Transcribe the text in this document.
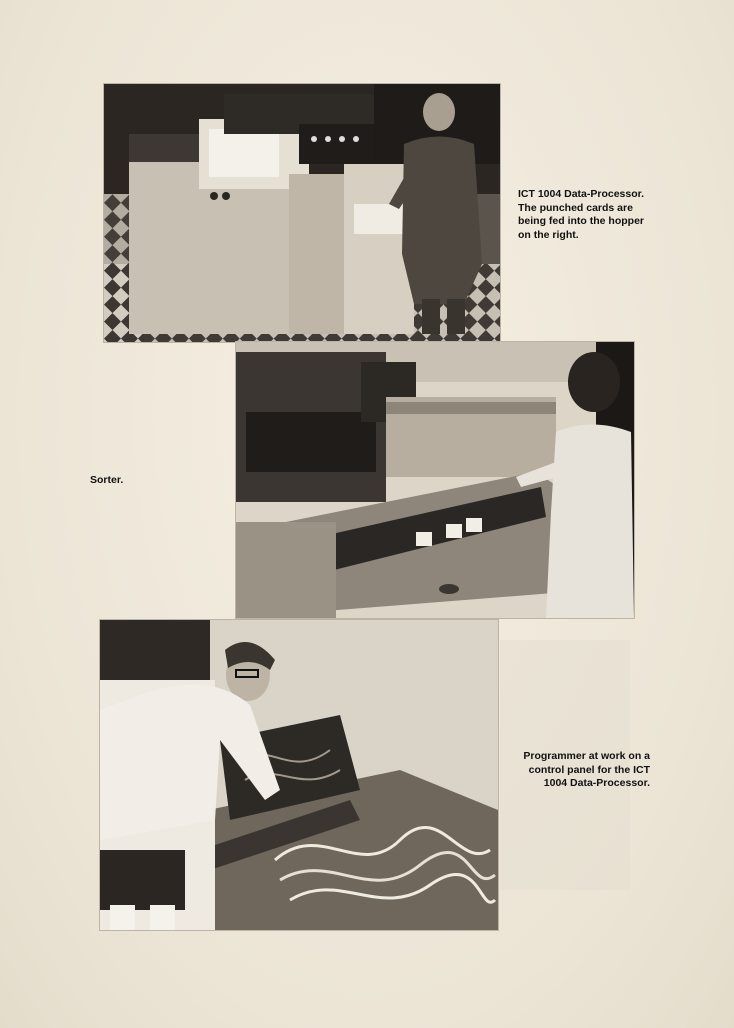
ICT 1004 Data-Processor. The punched cards are being fed into the hopper on the right.
Sorter.
Programmer at work on a control panel for the ICT 1004 Data-Processor.
